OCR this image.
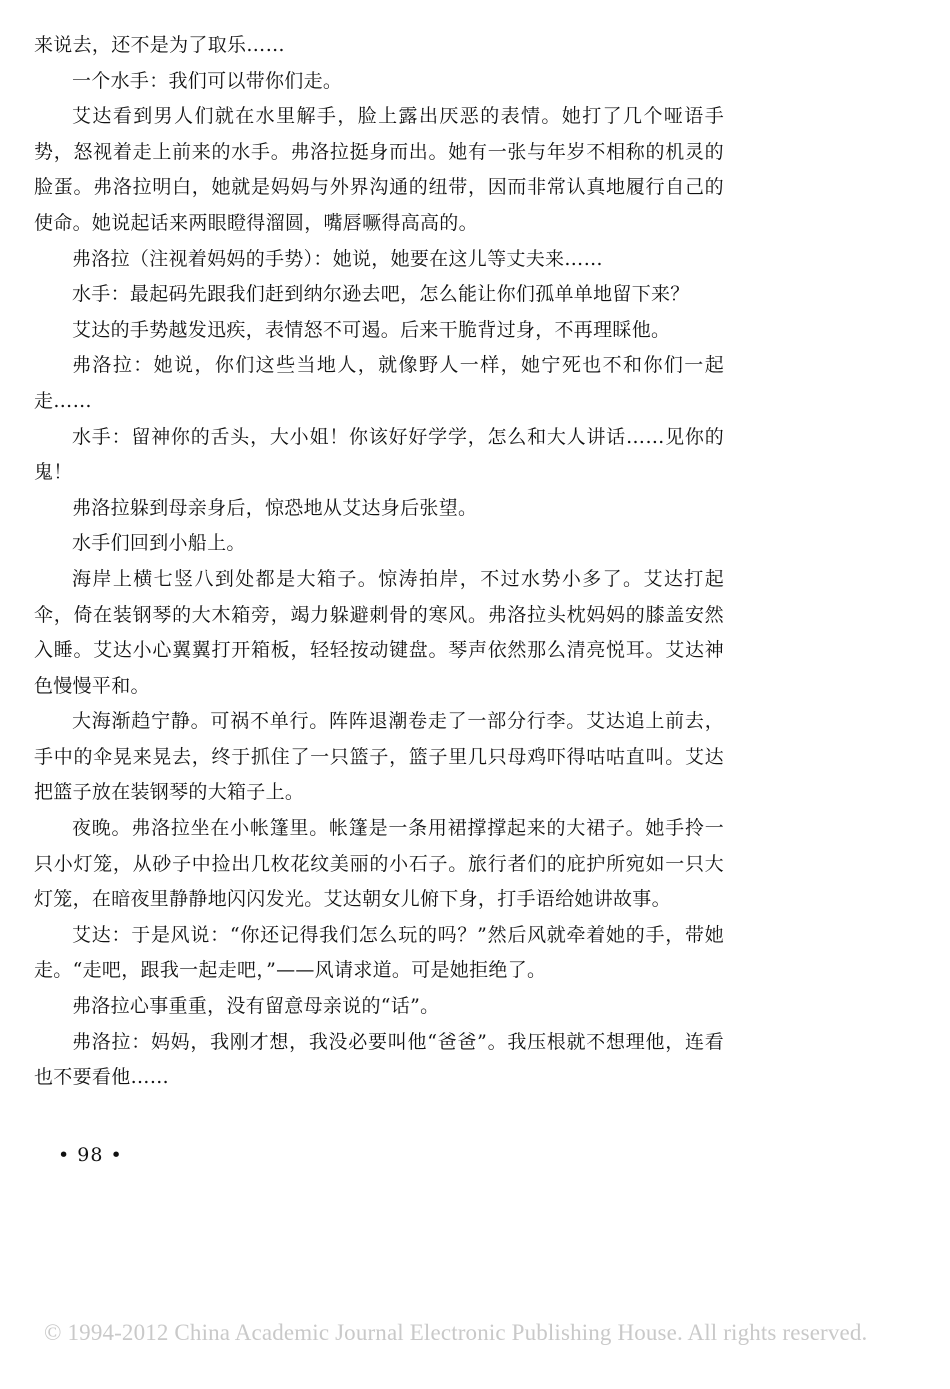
来说去，还不是为了取乐……

一个水手：我们可以带你们走。

艾达看到男人们就在水里解手，脸上露出厌恶的表情。她打了几个哑语手势，怒视着走上前来的水手。弗洛拉挺身而出。她有一张与年岁不相称的机灵的脸蛋。弗洛拉明白，她就是妈妈与外界沟通的纽带，因而非常认真地履行自己的使命。她说起话来两眼瞪得溜圆，嘴唇噘得高高的。

弗洛拉（注视着妈妈的手势）：她说，她要在这儿等丈夫来……

水手：最起码先跟我们赶到纳尔逊去吧，怎么能让你们孤单单地留下来？

艾达的手势越发迅疾，表情怒不可遏。后来干脆背过身，不再理睬他。

弗洛拉：她说，你们这些当地人，就像野人一样，她宁死也不和你们一起走……

水手：留神你的舌头，大小姐！你该好好学学，怎么和大人讲话……见你的鬼！

弗洛拉躲到母亲身后，惊恐地从艾达身后张望。

水手们回到小船上。

海岸上横七竖八到处都是大箱子。惊涛拍岸，不过水势小多了。艾达打起伞，倚在装钢琴的大木箱旁，竭力躲避刺骨的寒风。弗洛拉头枕妈妈的膝盖安然入睡。艾达小心翼翼打开箱板，轻轻按动键盘。琴声依然那么清亮悦耳。艾达神色慢慢平和。

大海渐趋宁静。可祸不单行。阵阵退潮卷走了一部分行李。艾达追上前去，手中的伞晃来晃去，终于抓住了一只篮子，篮子里几只母鸡吓得咕咕直叫。艾达把篮子放在装钢琴的大箱子上。

夜晚。弗洛拉坐在小帐篷里。帐篷是一条用裙撑撑起来的大裙子。她手拎一只小灯笼，从砂子中捡出几枚花纹美丽的小石子。旅行者们的庇护所宛如一只大灯笼，在暗夜里静静地闪闪发光。艾达朝女儿俯下身，打手语给她讲故事。

艾达：于是风说：“你还记得我们怎么玩的吗？”然后风就牵着她的手，带她走。“走吧，跟我一起走吧，”——风请求道。可是她拒绝了。

弗洛拉心事重重，没有留意母亲说的“话”。

弗洛拉：妈妈，我刚才想，我没必要叫他“爸爸”。我压根就不想理他，连看也不要看他……

• 98 •
© 1994-2012 China Academic Journal Electronic Publishing House. All rights reserved.
